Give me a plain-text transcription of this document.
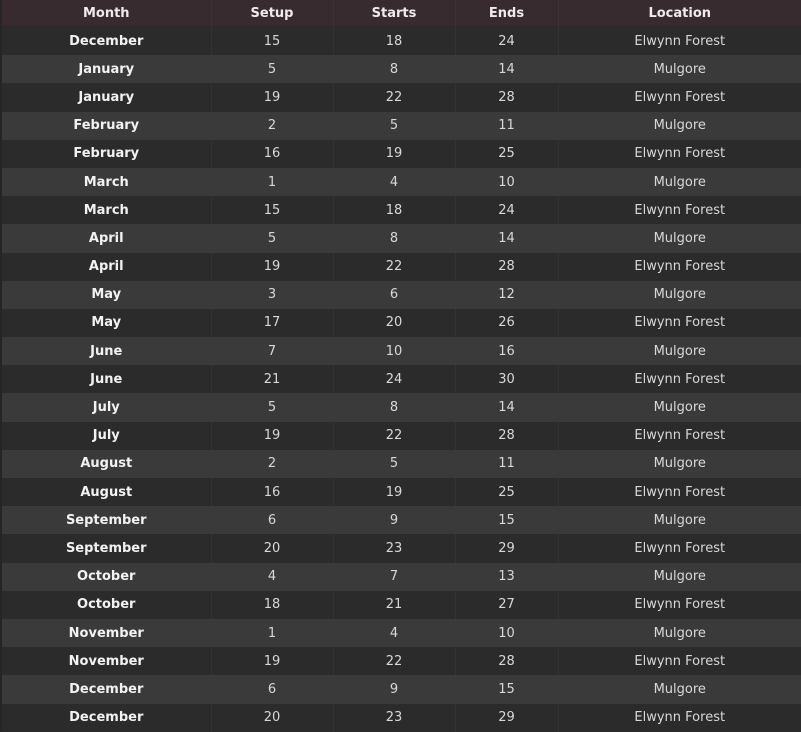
Month	Setup	Starts	Ends	Location
December	15	18	24	Elwynn Forest
January	5	8	14	Mulgore
January	19	22	28	Elwynn Forest
February	2	5	11	Mulgore
February	16	19	25	Elwynn Forest
March	1	4	10	Mulgore
March	15	18	24	Elwynn Forest
April	5	8	14	Mulgore
April	19	22	28	Elwynn Forest
May	3	6	12	Mulgore
May	17	20	26	Elwynn Forest
June	7	10	16	Mulgore
June	21	24	30	Elwynn Forest
July	5	8	14	Mulgore
July	19	22	28	Elwynn Forest
August	2	5	11	Mulgore
August	16	19	25	Elwynn Forest
September	6	9	15	Mulgore
September	20	23	29	Elwynn Forest
October	4	7	13	Mulgore
October	18	21	27	Elwynn Forest
November	1	4	10	Mulgore
November	19	22	28	Elwynn Forest
December	6	9	15	Mulgore
December	20	23	29	Elwynn Forest
